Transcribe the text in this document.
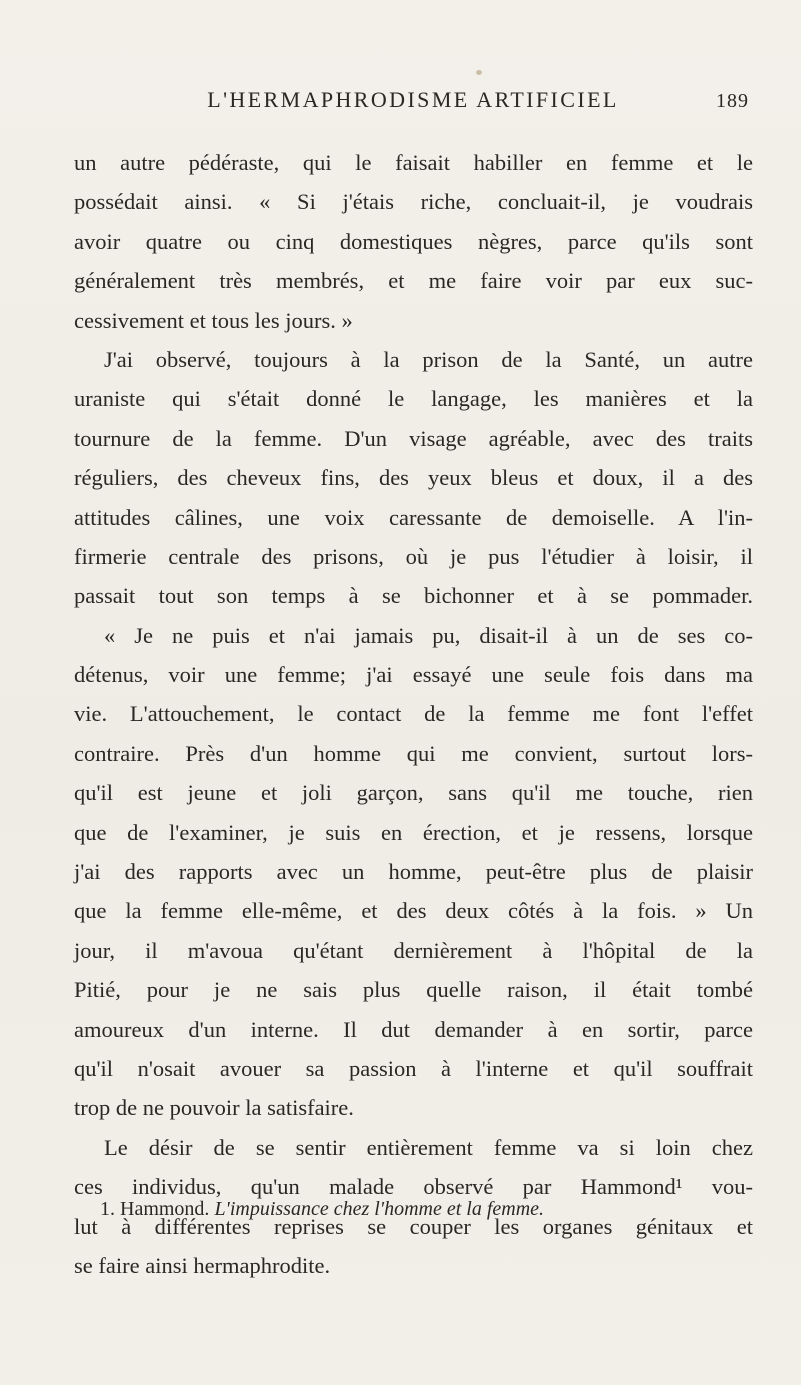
L'HERMAPHRODISME ARTIFICIEL	189
un autre pédéraste, qui le faisait habiller en femme et le
possédait ainsi. « Si j'étais riche, concluait-il, je voudrais
avoir quatre ou cinq domestiques nègres, parce qu'ils sont
généralement très membrés, et me faire voir par eux suc-
cessivement et tous les jours. »
J'ai observé, toujours à la prison de la Santé, un autre
uraniste qui s'était donné le langage, les manières et la
tournure de la femme. D'un visage agréable, avec des traits
réguliers, des cheveux fins, des yeux bleus et doux, il a des
attitudes câlines, une voix caressante de demoiselle. A l'in-
firmerie centrale des prisons, où je pus l'étudier à loisir, il
passait tout son temps à se bichonner et à se pommader.
« Je ne puis et n'ai jamais pu, disait-il à un de ses co-
détenus, voir une femme; j'ai essayé une seule fois dans ma
vie. L'attouchement, le contact de la femme me font l'effet
contraire. Près d'un homme qui me convient, surtout lors-
qu'il est jeune et joli garçon, sans qu'il me touche, rien
que de l'examiner, je suis en érection, et je ressens, lorsque
j'ai des rapports avec un homme, peut-être plus de plaisir
que la femme elle-même, et des deux côtés à la fois. » Un
jour, il m'avoua qu'étant dernièrement à l'hôpital de la
Pitié, pour je ne sais plus quelle raison, il était tombé
amoureux d'un interne. Il dut demander à en sortir, parce
qu'il n'osait avouer sa passion à l'interne et qu'il souffrait
trop de ne pouvoir la satisfaire.
Le désir de se sentir entièrement femme va si loin chez
ces individus, qu'un malade observé par Hammond¹ vou-
lut à différentes reprises se couper les organes génitaux et
se faire ainsi hermaphrodite.
1. Hammond. L'impuissance chez l'homme et la femme.
